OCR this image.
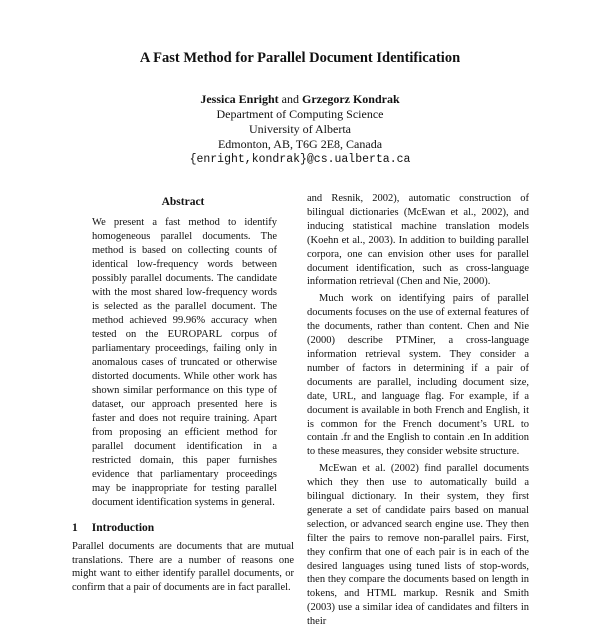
A Fast Method for Parallel Document Identification
Jessica Enright and Grzegorz Kondrak
Department of Computing Science
University of Alberta
Edmonton, AB, T6G 2E8, Canada
{enright,kondrak}@cs.ualberta.ca
Abstract

We present a fast method to identify homogeneous parallel documents. The method is based on collecting counts of identical low-frequency words between possibly parallel documents. The candidate with the most shared low-frequency words is selected as the parallel document. The method achieved 99.96% accuracy when tested on the EUROPARL corpus of parliamentary proceedings, failing only in anomalous cases of truncated or otherwise distorted documents. While other work has shown similar performance on this type of dataset, our approach presented here is faster and does not require training. Apart from proposing an efficient method for parallel document identification in a restricted domain, this paper furnishes evidence that parliamentary proceedings may be inappropriate for testing parallel document identification systems in general.

1 Introduction

Parallel documents are documents that are mutual translations. There are a number of reasons one might want to either identify parallel documents, or confirm that a pair of documents are in fact parallel.

and Resnik, 2002), automatic construction of bilingual dictionaries (McEwan et al., 2002), and inducing statistical machine translation models (Koehn et al., 2003). In addition to building parallel corpora, one can envision other uses for parallel document identification, such as cross-language information retrieval (Chen and Nie, 2000).

Much work on identifying pairs of parallel documents focuses on the use of external features of the documents, rather than content. Chen and Nie (2000) describe PTMiner, a cross-language information retrieval system. They consider a number of factors in determining if a pair of documents are parallel, including document size, date, URL, and language flag. For example, if a document is available in both French and English, it is common for the French document’s URL to contain .fr and the English to contain .en In addition to these measures, they consider website structure.

McEwan et al. (2002) find parallel documents which they then use to automatically build a bilingual dictionary. In their system, they first generate a set of candidate pairs based on manual selection, or advanced search engine use. They then filter the pairs to remove non-parallel pairs. First, they confirm that one of each pair is in each of the desired languages using tuned lists of stop-words, then they compare the documents based on length in tokens, and HTML markup. Resnik and Smith (2003) use a similar idea of candidates and filters in their
